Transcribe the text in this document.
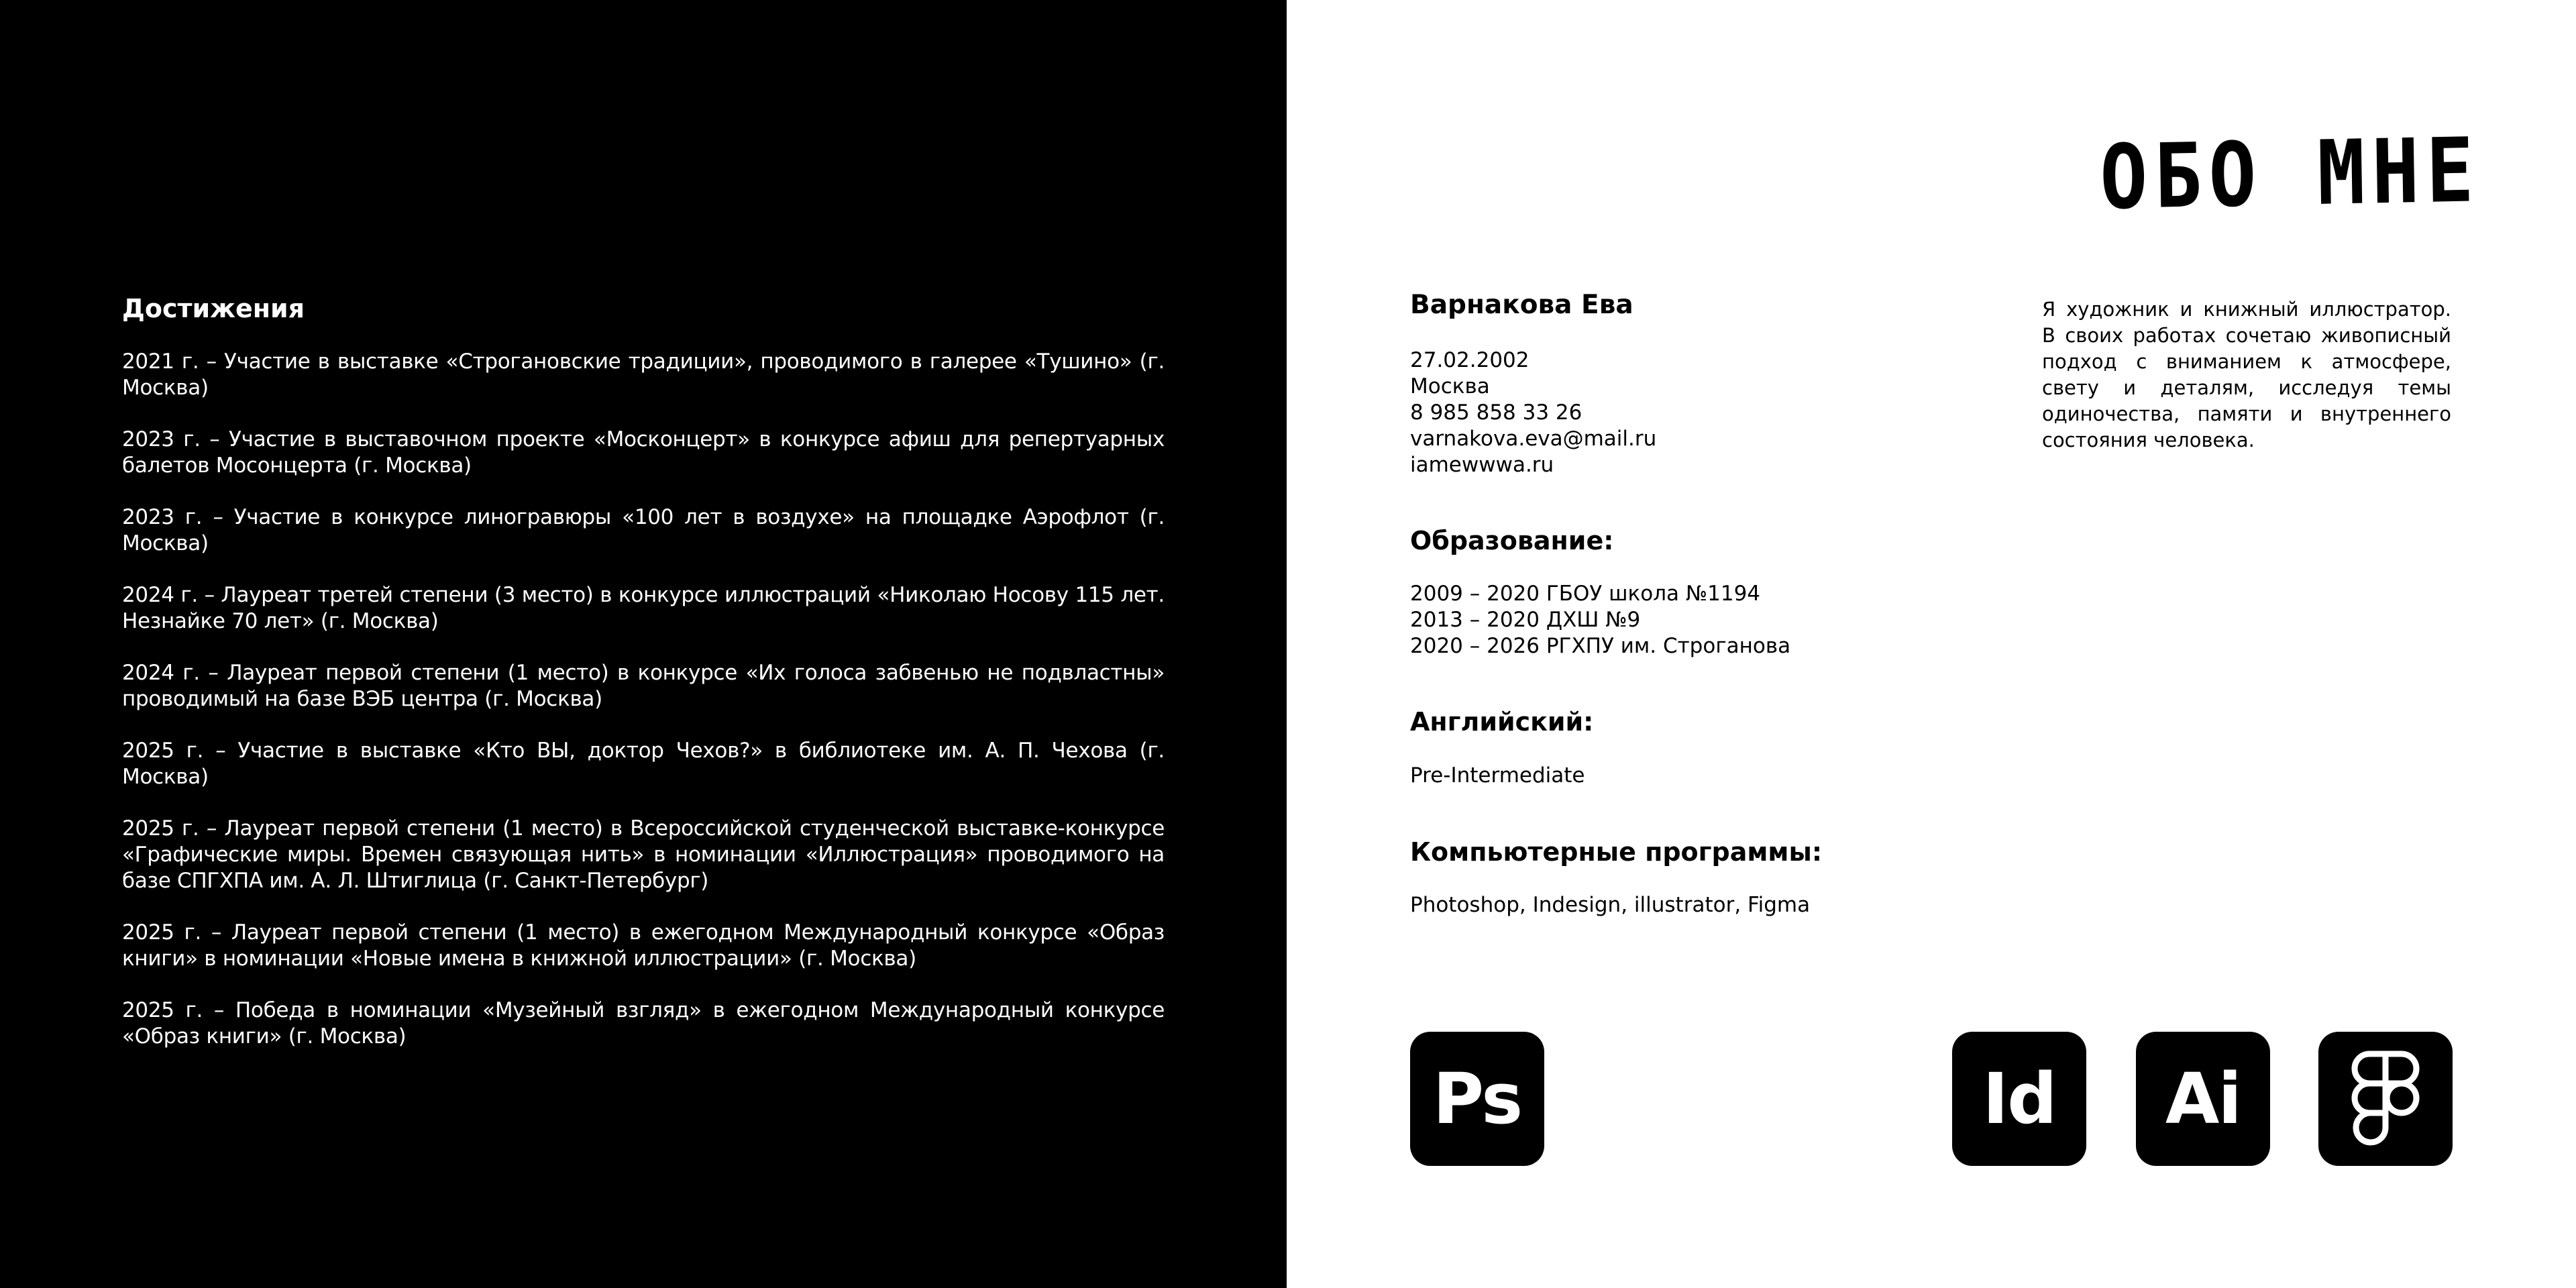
Достижения
2021 г. – Участие в выставке «Строгановские традиции», проводимого в галерее «Тушино» (г. Москва)
2023 г. – Участие в выставочном проекте «Москонцерт» в конкурсе афиш для репертуарных балетов Мосонцерта (г. Москва)
2023 г. – Участие в конкурсе линогравюры «100 лет в воздухе» на площадке Аэрофлот (г. Москва)
2024 г. – Лауреат третей степени (3 место) в конкурсе иллюстраций «Николаю Носову 115 лет. Незнайке 70 лет» (г. Москва)
2024 г. – Лауреат первой степени (1 место) в конкурсе «Их голоса забвенью не подвластны» проводимый на базе ВЭБ центра (г. Москва)
2025 г. – Участие в выставке «Кто ВЫ, доктор Чехов?» в библиотеке им. А. П. Чехова (г. Москва)
2025 г. – Лауреат первой степени (1 место) в Всероссийской студенческой выставке-конкурсе «Графические миры. Времен связующая нить» в номинации «Иллюстрация» проводимого на базе СПГХПА им. А. Л. Штиглица (г. Санкт-Петербург)
2025 г. – Лауреат первой степени (1 место) в ежегодном Международный конкурсе «Образ книги» в номинации «Новые имена в книжной иллюстрации» (г. Москва)
2025 г. – Победа в номинации «Музейный взгляд» в ежегодном Международный конкурсе «Образ книги» (г. Москва)
ОБО МНЕ
Варнакова Ева
27.02.2002
Москва
8 985 858 33 26
varnakova.eva@mail.ru
iamewwwa.ru
Образование:
2009 – 2020 ГБОУ школа №1194
2013 – 2020 ДХШ №9
2020 – 2026 РГХПУ им. Строганова
Английский:
Pre-Intermediate
Компьютерные программы:
Photoshop, Indesign, illustrator, Figma

Я художник и книжный иллюстратор. В своих работах сочетаю живописный подход с вниманием к атмосфере, свету и деталям, исследуя темы одиночества, памяти и внутреннего состояния человека.

Ps	Id	Ai
